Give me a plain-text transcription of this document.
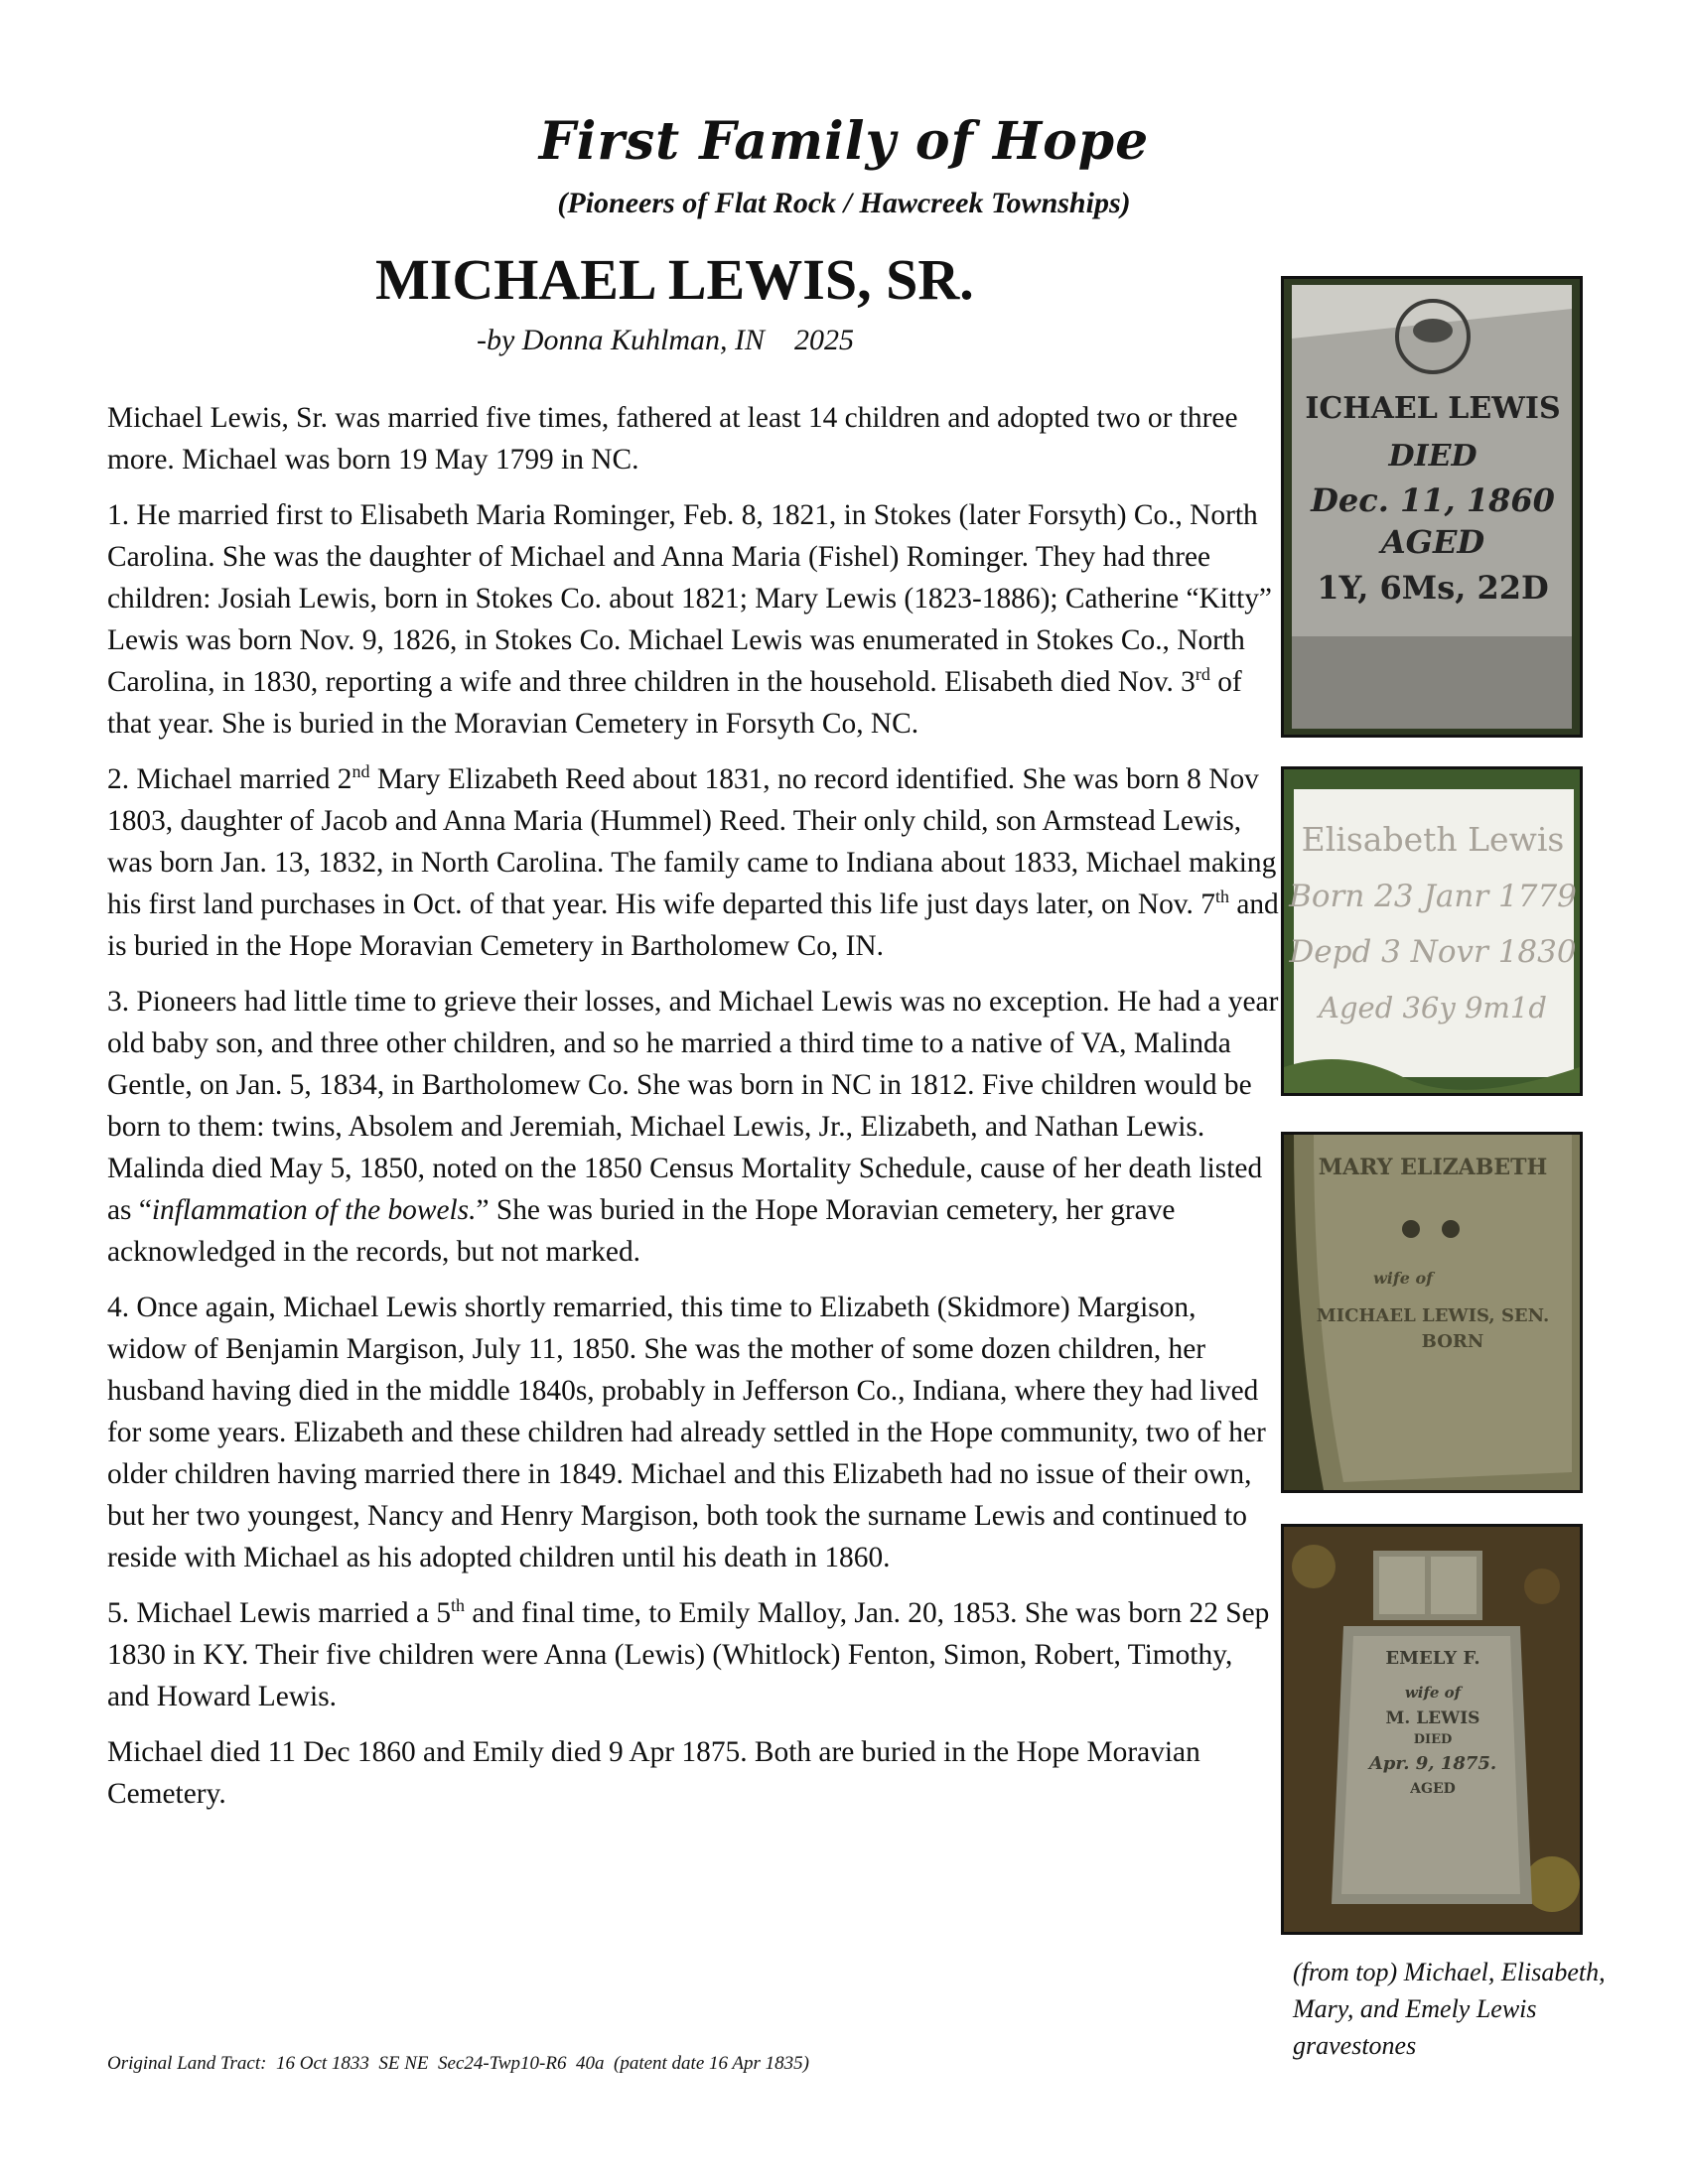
First Family of Hope
(Pioneers of Flat Rock / Hawcreek Townships)
MICHAEL LEWIS, SR.
-by Donna Kuhlman, IN    2025

Michael Lewis, Sr. was married five times, fathered at least 14 children and adopted two or three more. Michael was born 19 May 1799 in NC.

1. He married first to Elisabeth Maria Rominger, Feb. 8, 1821, in Stokes (later Forsyth) Co., North Carolina. She was the daughter of Michael and Anna Maria (Fishel) Rominger. They had three children: Josiah Lewis, born in Stokes Co. about 1821; Mary Lewis (1823-1886); Catherine “Kitty” Lewis was born Nov. 9, 1826, in Stokes Co. Michael Lewis was enumerated in Stokes Co., North Carolina, in 1830, reporting a wife and three children in the household. Elisabeth died Nov. 3rd of that year. She is buried in the Moravian Cemetery in Forsyth Co, NC.

2. Michael married 2nd Mary Elizabeth Reed about 1831, no record identified. She was born 8 Nov 1803, daughter of Jacob and Anna Maria (Hummel) Reed. Their only child, son Armstead Lewis, was born Jan. 13, 1832, in North Carolina. The family came to Indiana about 1833, Michael making his first land purchases in Oct. of that year. His wife departed this life just days later, on Nov. 7th and is buried in the Hope Moravian Cemetery in Bartholomew Co, IN.

3. Pioneers had little time to grieve their losses, and Michael Lewis was no exception. He had a year old baby son, and three other children, and so he married a third time to a native of VA, Malinda Gentle, on Jan. 5, 1834, in Bartholomew Co. She was born in NC in 1812. Five children would be born to them: twins, Absolem and Jeremiah, Michael Lewis, Jr., Elizabeth, and Nathan Lewis. Malinda died May 5, 1850, noted on the 1850 Census Mortality Schedule, cause of her death listed as “inflammation of the bowels.” She was buried in the Hope Moravian cemetery, her grave acknowledged in the records, but not marked.

4. Once again, Michael Lewis shortly remarried, this time to Elizabeth (Skidmore) Margison, widow of Benjamin Margison, July 11, 1850. She was the mother of some dozen children, her husband having died in the middle 1840s, probably in Jefferson Co., Indiana, where they had lived for some years. Elizabeth and these children had already settled in the Hope community, two of her older children having married there in 1849. Michael and this Elizabeth had no issue of their own, but her two youngest, Nancy and Henry Margison, both took the surname Lewis and continued to reside with Michael as his adopted children until his death in 1860.

5. Michael Lewis married a 5th and final time, to Emily Malloy, Jan. 20, 1853. She was born 22 Sep 1830 in KY. Their five children were Anna (Lewis) (Whitlock) Fenton, Simon, Robert, Timothy, and Howard Lewis.

Michael died 11 Dec 1860 and Emily died 9 Apr 1875. Both are buried in the Hope Moravian Cemetery.

Original Land Tract:  16 Oct 1833  SE NE  Sec24-Twp10-R6  40a  (patent date 16 Apr 1835)
ICHAEL LEWIS
DIED
Dec. 11, 1860
AGED
1Y, 6Ms, 22D
Elisabeth Lewis
Born 23 Janr 1779
Depd 3 Novr 1830
Aged 36y 9m1d
MARY ELIZABETH
wife of
MICHAEL LEWIS, SEN.
BORN
EMELY F.
wife of
M. LEWIS
DIED
Apr. 9, 1875.
AGED
(from top) Michael, Elisabeth, Mary, and Emely Lewis gravestones
